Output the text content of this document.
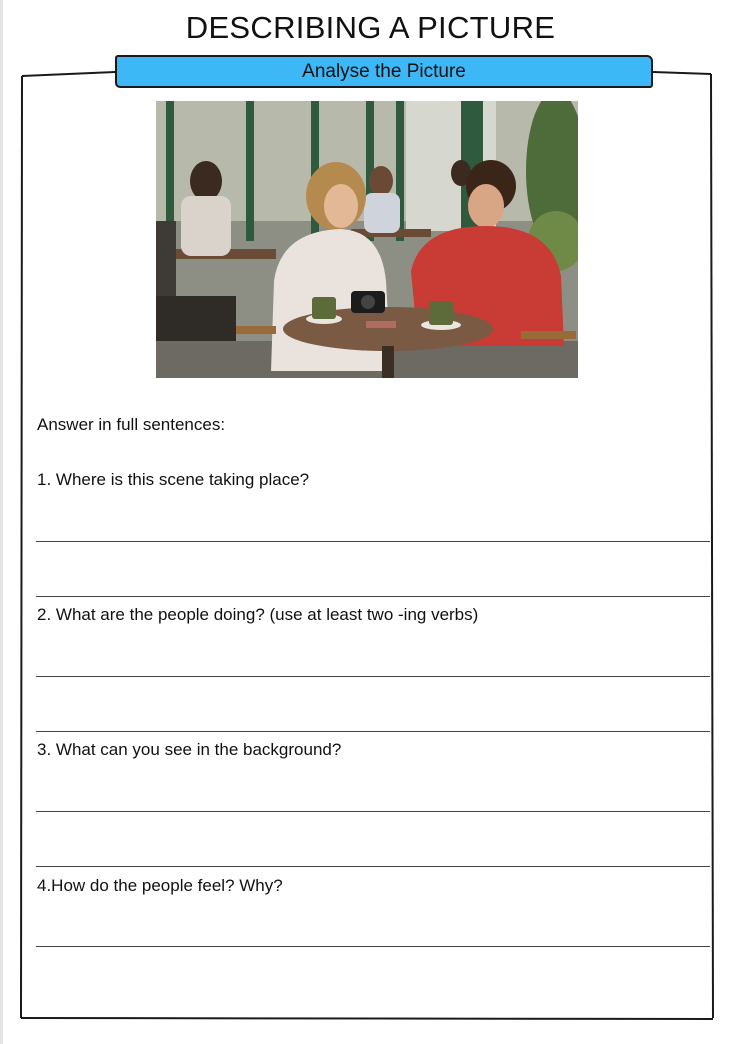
DESCRIBING A PICTURE
Analyse the Picture
Answer in full sentences:
1. Where is this scene taking place?
2. What are the people doing? (use at least two -ing verbs)
3. What can you see in the background?
4.How do the people feel? Why?
